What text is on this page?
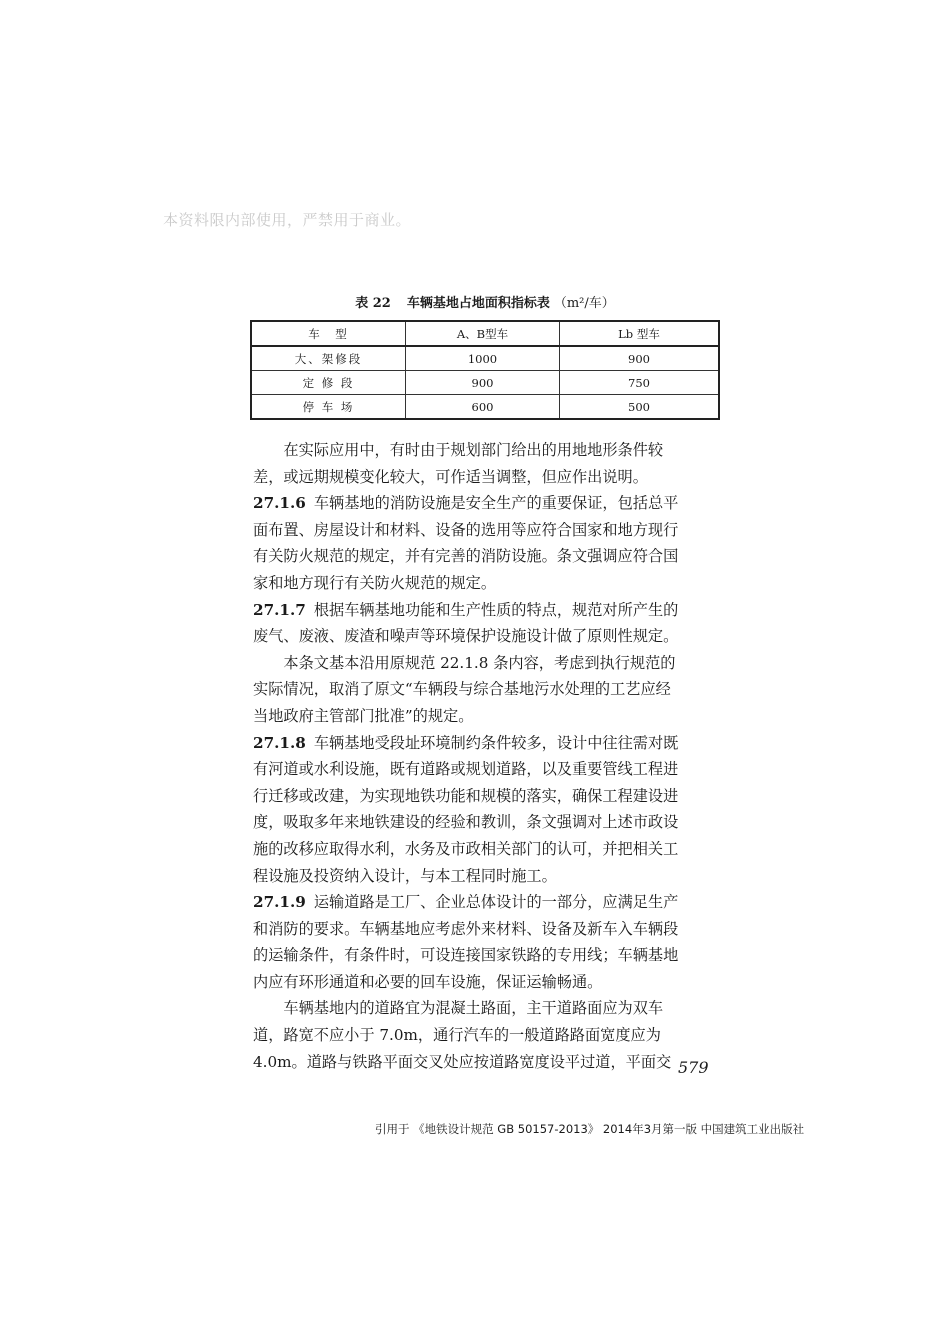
本资料限内部使用，严禁用于商业。
表 22 车辆基地占地面积指标表 （m²/车）
车　型	A、B型车	Lb 型车
大、架修段	1000	900
定 修 段	900	750
停 车 场	600	500
　　在实际应用中，有时由于规划部门给出的用地地形条件较
差，或远期规模变化较大，可作适当调整，但应作出说明。
27.1.6 车辆基地的消防设施是安全生产的重要保证，包括总平
面布置、房屋设计和材料、设备的选用等应符合国家和地方现行
有关防火规范的规定，并有完善的消防设施。条文强调应符合国
家和地方现行有关防火规范的规定。
27.1.7 根据车辆基地功能和生产性质的特点，规范对所产生的
废气、废液、废渣和噪声等环境保护设施设计做了原则性规定。
　　本条文基本沿用原规范 22.1.8 条内容，考虑到执行规范的
实际情况，取消了原文“车辆段与综合基地污水处理的工艺应经
当地政府主管部门批准”的规定。
27.1.8 车辆基地受段址环境制约条件较多，设计中往往需对既
有河道或水利设施，既有道路或规划道路，以及重要管线工程进
行迁移或改建，为实现地铁功能和规模的落实，确保工程建设进
度，吸取多年来地铁建设的经验和教训，条文强调对上述市政设
施的改移应取得水利，水务及市政相关部门的认可，并把相关工
程设施及投资纳入设计，与本工程同时施工。
27.1.9 运输道路是工厂、企业总体设计的一部分，应满足生产
和消防的要求。车辆基地应考虑外来材料、设备及新车入车辆段
的运输条件，有条件时，可设连接国家铁路的专用线；车辆基地
内应有环形通道和必要的回车设施，保证运输畅通。
　　车辆基地内的道路宜为混凝土路面，主干道路面应为双车
道，路宽不应小于 7.0m，通行汽车的一般道路路面宽度应为
4.0m。道路与铁路平面交叉处应按道路宽度设平过道，平面交 579
引用于 《地铁设计规范 GB 50157-2013》 2014年3月第一版 中国建筑工业出版社
